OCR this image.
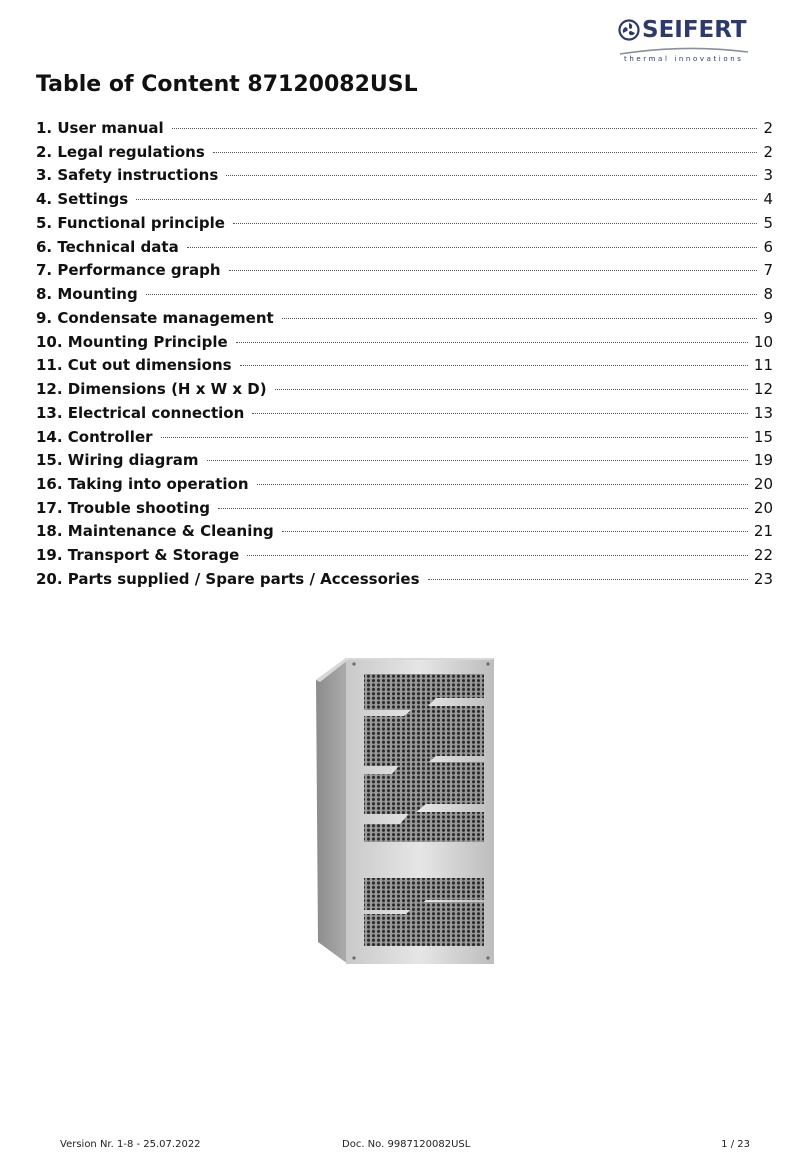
SEIFERT
thermal innovations
Table of Content 87120082USL
1. User manual	2
2. Legal regulations	2
3. Safety instructions	3
4. Settings	4
5. Functional principle	5
6. Technical data	6
7. Performance graph	7
8. Mounting	8
9. Condensate management	9
10. Mounting Principle	10
11. Cut out dimensions	11
12. Dimensions (H x W x D)	12
13. Electrical connection	13
14. Controller	15
15. Wiring diagram	19
16. Taking into operation	20
17. Trouble shooting	20
18. Maintenance & Cleaning	21
19. Transport & Storage	22
20. Parts supplied / Spare parts / Accessories	23
Version Nr. 1-8 - 25.07.2022	Doc. No. 9987120082USL	1 / 23
